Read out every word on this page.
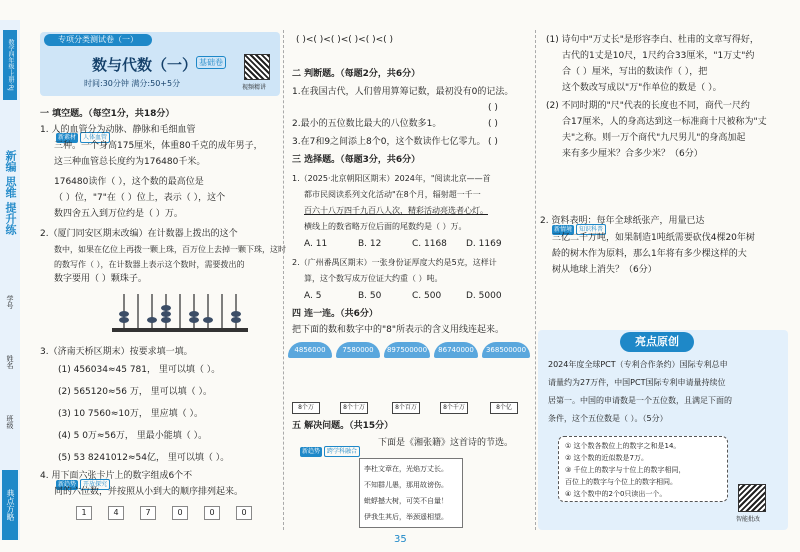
数学四年级·上册·RJ
新编 思维 提升练
学号
姓名
班级
典点方略
专项分类测试卷（一）
数与代数（一） 基础卷
视频精讲
时间:30分钟 满分:50+5分
一 填空题。（每空1分，共18分）
新素材 人体血管
1. 人的血管分为动脉、静脉和毛细血管
三种。一个身高175厘米，体重80千克的成年男子，
这三种血管总长度约为176480千米。
176480读作（ ），这个数的最高位是
（ ）位，"7"在（ ）位上，表示（ ），这个
数四舍五入到万位约是（ ）万。
2.（厦门同安区期末改编）在计数器上拨出的这个
数中，如果在亿位上再拨一颗上珠，百万位上去掉一颗下珠，这时
的数写作（ ），在计数器上表示这个数时，需要拨出的
数字要用（ ）颗珠子。
3.（济南天桥区期末）按要求填一填。
(1) 456034≈45 781， 里可以填（ ）。
(2) 565120≈56 万， 里可以填（ ）。
(3) 10 7560≈10万， 里应填（ ）。
(4) 5 0万≈56万， 里最小能填（ ）。
(5) 53 8241012≈54亿， 里可以填（ ）。
新趋势 开放探究
4. 用下面六张卡片上的数字组成6个不
同的六位数，并按照从小到大的顺序排列起来。
1	4	7	0	0	0
( )<( )<( )<( )<( )<( )
二 判断题。（每题2分，共6分）
1.在我国古代，人们曾用算筹记数，最初没有0的记法。
( )
2.最小的五位数比最大的八位数多1。	( )
3.在7和9之间添上8个0，这个数读作七亿零九。 ( )
三 选择题。（每题3分，共6分）
1.（2025·北京朝阳区期末）2024年，"阅读北京——首
都市民阅读系列文化活动"在8个月，辐射超一千一
百六十八万四千九百八人次，精彩活动亮选者心灯。
横线上的数省略万位后面的尾数约是（ ）万。
A. 11	B. 12	C. 1168 D. 1169
2.（广州番禺区期末）一张身份证厚度大约是5克，这样计
算，这个数写成万位证大约重（ ）吨。
A. 5	B. 50	C. 500	D. 5000
四 连一连。（共6分）
把下面的数和数字中的"8"所表示的含义用线连起来。
4856000	7580000	897500000	86740000	368500000
8个万	8个十万	8个百万	8个千万	8个亿
五 解决问题。（共15分）
新趋势 跨学科融合
下面是《湘张籍》这首诗的节选。
李杜文章在，光焰万丈长。
不知群儿愚，那用故谤伤。
蚍蜉撼大树，可笑不自量！
伊我生其后，举颈遥相望。
35
(1) 诗句中"万丈长"是形容李白、杜甫的文章写得好，
古代的1丈是10尺，1尺约合33厘米，"1万丈"约
合（ ）厘米，写出的数读作（ ），把
这个数改写成以"万"作单位的数是（ ）。
(2) 不同时期的"尺"代表的长度也不同，商代一尺约
合17厘米，人的身高达到这一标准商十尺被称为"丈
夫"之称。则一万个商代"九尺男儿"的身高加起
来有多少厘米？合多少米？（6分）
新情境 知识科普
2. 资料表明：每年全球纸张产，用量已达
三亿二千万吨，如果制造1吨纸需要砍伐4棵20年树
龄的树木作为原料，那么1年将有多少棵这样的大
树从地球上消失？（6分）
亮点原创
2024年度全球PCT（专利合作条约）国际专利总申
请量约为27万件，中国PCT国际专利申请量持续位
居第一。中国的申请数是一个五位数，且满足下面的
条件，这个五位数是（ ）。（5分）
① 这个数各数位上的数字之和是14。
② 这个数的近似数是7万。
③ 千位上的数字与十位上的数字相同，
百位上的数字与个位上的数字相同。
④ 这个数中的2个0只读出一个。
智能批改
